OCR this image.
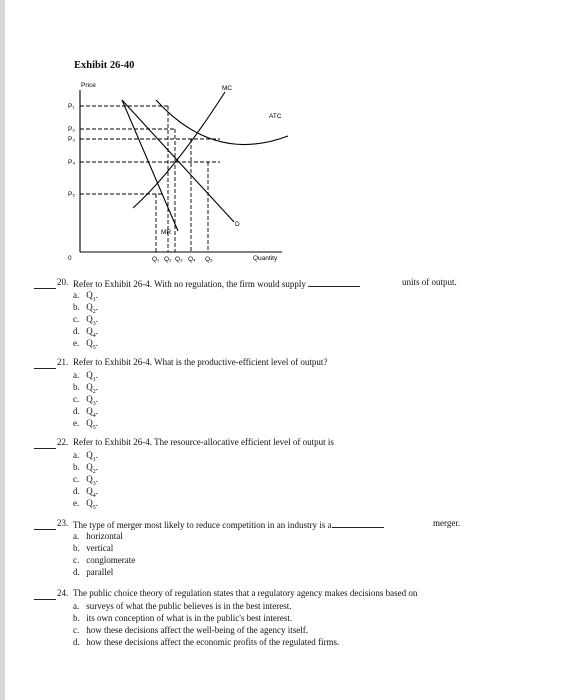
Exhibit 26-40
Price
0	Quantity
P₁
P₂
P₃
P₄
P₅
Q₁ Q₂ Q₃ Q₄ Q₅
MC
ATC
D
MR
20. Refer to Exhibit 26-4. With no regulation, the firm would supply	units of output.
a. $Q_1$.
b. $Q_2$.
c. $Q_3$.
d. $Q_4$.
e. $Q_5$.
21. Refer to Exhibit 26-4. What is the productive-efficient level of output?
a. $Q_1$.
b. $Q_2$.
c. $Q_3$.
d. $Q_4$.
e. $Q_5$.
22. Refer to Exhibit 26-4. The resource-allocative efficient level of output is
a. $Q_1$.
b. $Q_2$.
c. $Q_3$.
d. $Q_4$.
e. $Q_5$.
23. The type of merger most likely to reduce competition in an industry is a	merger.
a. horizontal
b. vertical
c. conglomerate
d. parallel
24. The public choice theory of regulation states that a regulatory agency makes decisions based on
a. surveys of what the public believes is in the best interest.
b. its own conception of what is in the public's best interest.
c. how these decisions affect the well-being of the agency itself.
d. how these decisions affect the economic profits of the regulated firms.
